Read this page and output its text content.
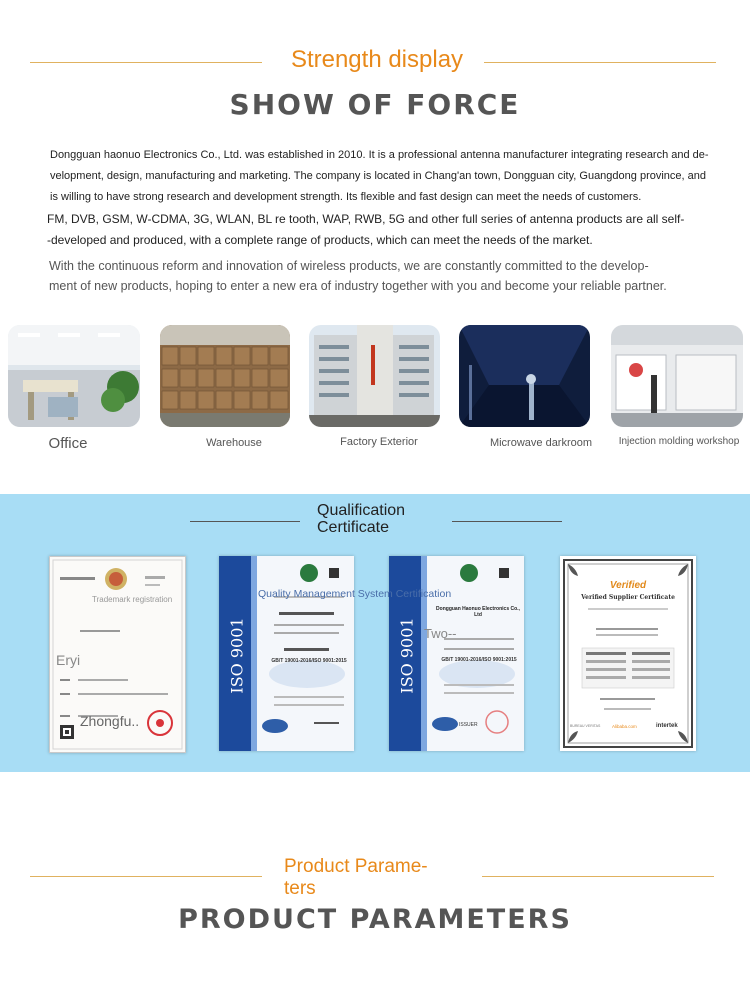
Strength display
SHOW OF FORCE
Dongguan haonuo Electronics Co., Ltd. was established in 2010. It is a professional antenna manufacturer integrating research and de-
velopment, design, manufacturing and marketing. The company is located in Chang'an town, Dongguan city, Guangdong province, and
is willing to have strong research and development strength. Its flexible and fast design can meet the needs of customers.
FM, DVB, GSM, W-CDMA, 3G, WLAN, BL re tooth, WAP, RWB, 5G and other full series of antenna products are all self-
-developed and produced, with a complete range of products, which can meet the needs of the market.
With the continuous reform and innovation of wireless products, we are constantly committed to the develop-
ment of new products, hoping to enter a new era of industry together with you and become your reliable partner.
Office	Warehouse	Factory Exterior	Microwave darkroom	Injection molding workshop
Qualification
Certificate
Trademark registration
Eryi
Zhongfu..
ISO 9001	GB/T 19001-2016/ISO 9001:2015	ISO 9001
Dongguan Haonuo Electronics Co., Ltd
Two--
GB/T 19001-2016/ISO 9001:2015
ISSUER
Quality Management System Certification
Verified
Verified Supplier Certificate
BUREAU VERITAS	Alibaba.com	intertek
Product Parame-
ters
PRODUCT PARAMETERS
